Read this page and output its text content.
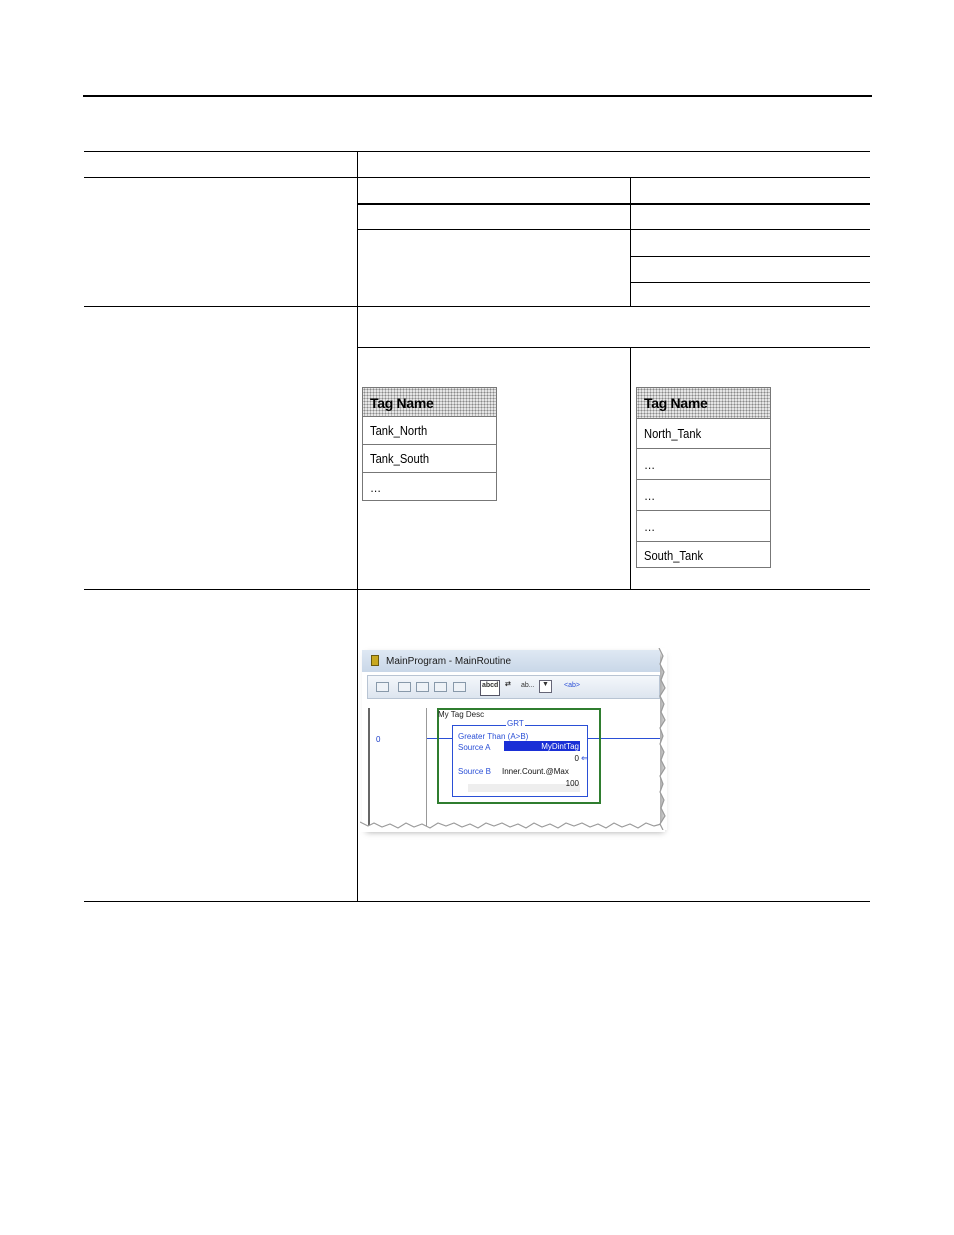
Tag Name
Tank_North
Tank_South
…
Tag Name
North_Tank
…
…
…
South_Tank
MainProgram - MainRoutine
abcd ⇄ ab...	▼	<ab>
0
My Tag Desc
GRT
Greater Than (A>B)
Source A	MyDintTag
0 ⇐
Source B Inner.Count.@Max
100
